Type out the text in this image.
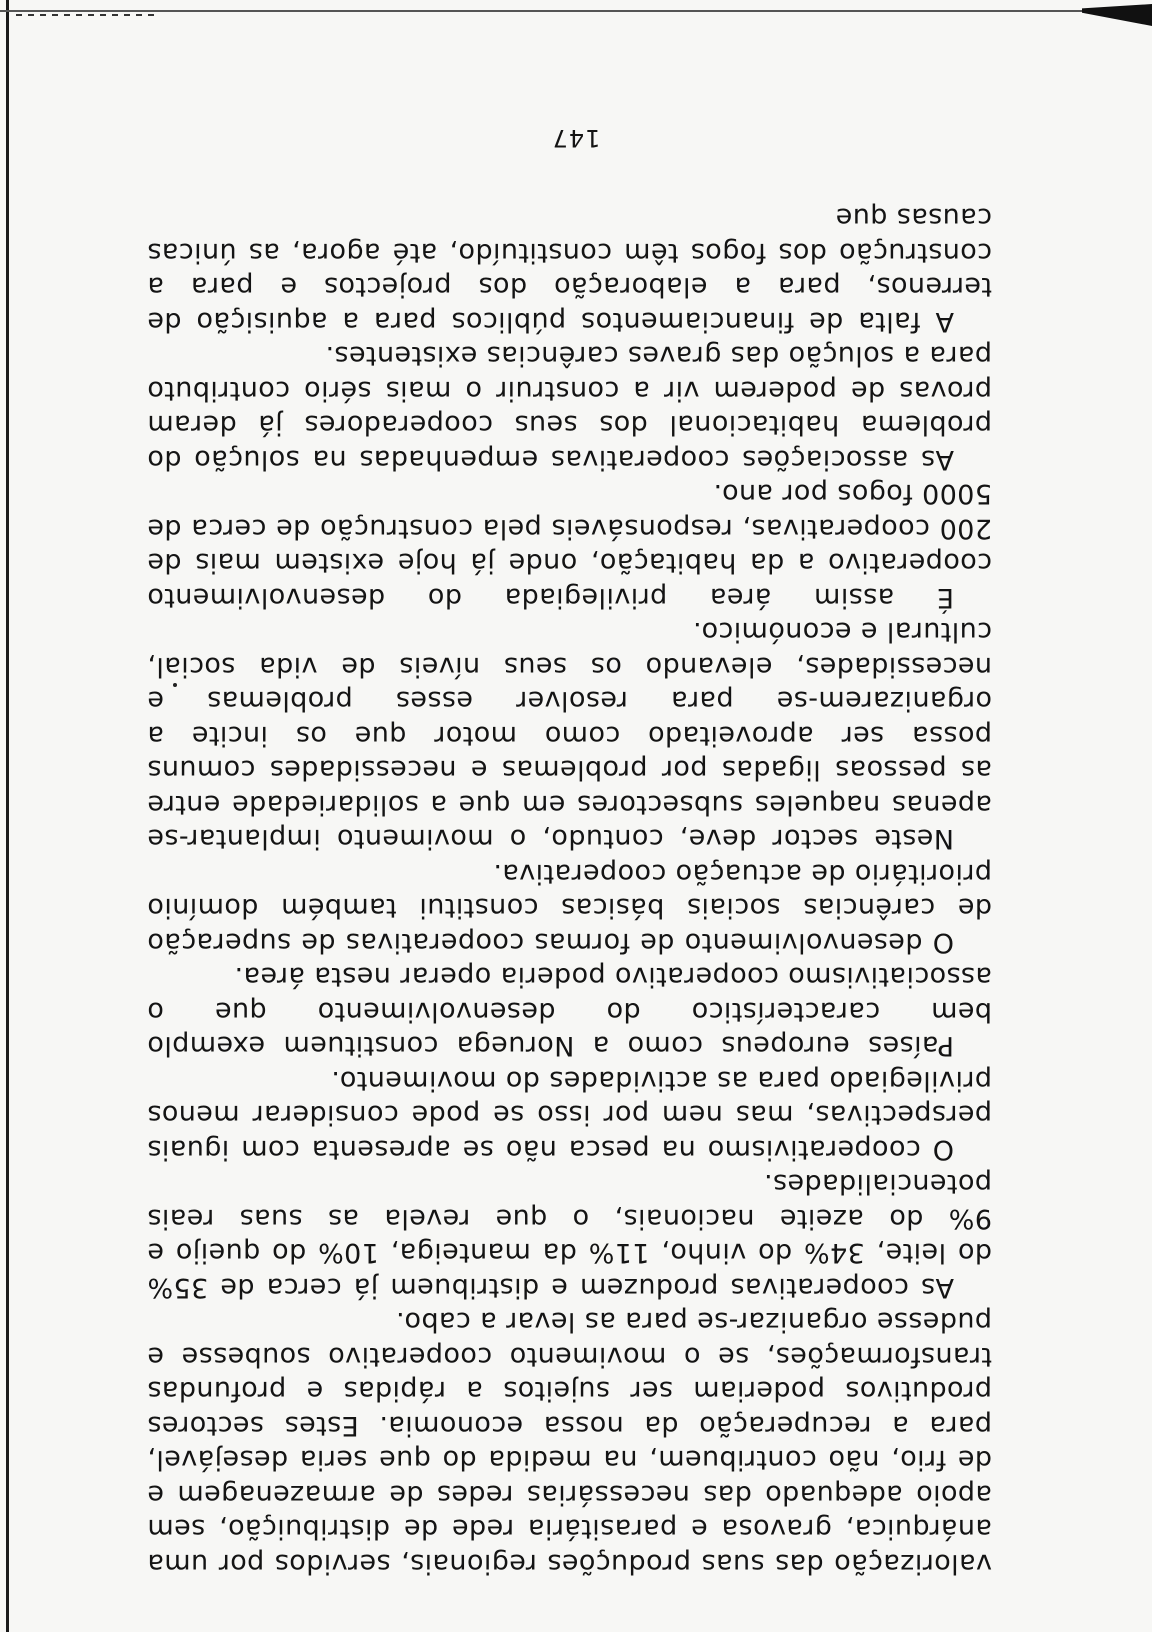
valorização das suas produções regionais, servidos por uma anárquica, gravosa e parasitária rede de distribuição, sem apoio adequado das necessárias redes de armazenagem e de frio, não contribuem, na medida do que seria desejável, para a recuperação da nossa economia. Estes sectores produtivos poderiam ser sujeitos a rápidas e profundas transformações, se o movimento cooperativo soubesse e pudesse organizar-se para as levar a cabo.

As cooperativas produzem e distribuem já cerca de 35% do leite, 34% do vinho, 11% da manteiga, 10% do queijo e 9% do azeite nacionais, o que revela as suas reais potencialidades.

O cooperativismo na pesca não se apresenta com iguais perspectivas, mas nem por isso se pode considerar menos privilegiado para as actividades do movimento.

Países europeus como a Noruega constituem exemplo bem característico do desenvolvimento que o associativismo cooperativo poderia operar nesta área.

O desenvolvimento de formas cooperativas de superação de carências sociais básicas constitui também domínio prioritário de actuação cooperativa.

Neste sector deve, contudo, o movimento implantar-se apenas naqueles subsectores em que a solidariedade entre as pessoas ligadas por problemas e necessidades comuns possa ser aproveitado como motor que os incite a organizarem-se para resolver esses problemas e necessidades, elevando os seus níveis de vida social, cultural e económico.

É assim área privilegiada do desenvolvimento cooperativo a da habitação, onde já hoje existem mais de 200 cooperativas, responsáveis pela construção de cerca de 5000 fogos por ano.

As associações cooperativas empenhadas na solução do problema habitacional dos seus cooperadores já deram provas de poderem vir a construir o mais sério contributo para a solução das graves carências existentes.

A falta de financiamentos públicos para a aquisição de terrenos, para a elaboração dos projectos e para a construção dos fogos têm constituído, até agora, as únicas causas que

147
